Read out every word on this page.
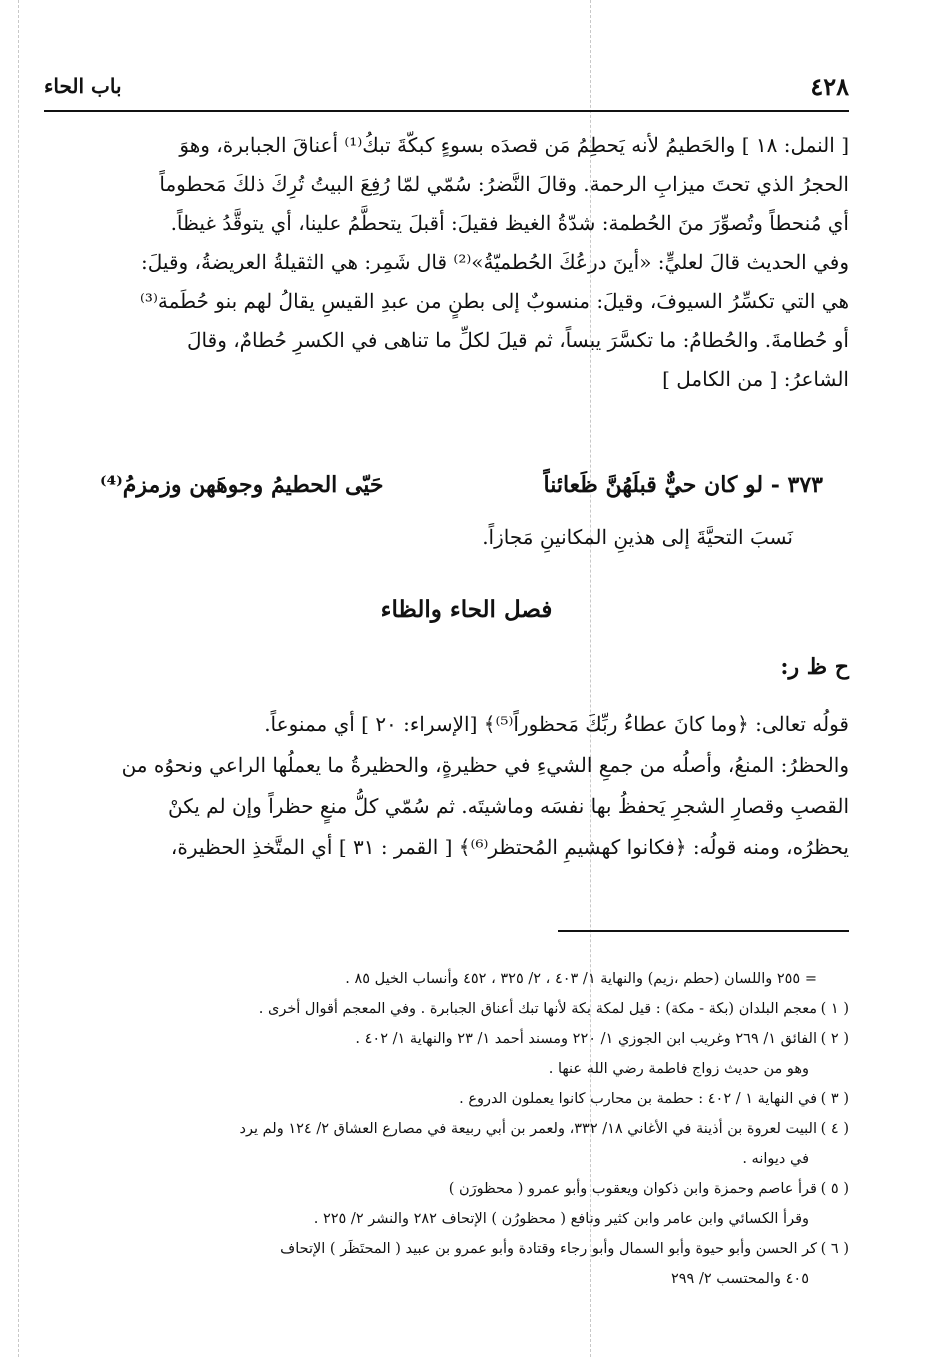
٤٢٨
باب الحاء

[ النمل: ١٨ ] والحَطيمُ لأنه يَحطِمُ مَن قصدَه بسوءٍ كبكّةَ تبكُ⁽¹⁾ أعناقَ الجبابرة، وهوَ

الحجرُ الذي تحتَ ميزابِ الرحمة. وقالَ النَّضرُ: سُمّي لمّا رُفِعَ البيتُ تُرِكَ ذلكَ مَحطوماً

أي مُنحطاً وتُصوِّرَ منَ الحُطمة: شدّةُ الغيظ فقيلَ: أقبلَ يتحطَّمُ علينا، أي يتوقَّدُ غيظاً.

وفي الحديث قالَ لعليٍّ: «أينَ درعُكَ الحُطميّةُ»⁽²⁾ قال شَمِر: هي الثقيلةُ العريضةُ، وقيلَ:

هي التي تكسِّرُ السيوفَ، وقيلَ: منسوبٌ إلى بطنٍ من عبدِ القيسِ يقالُ لهم بنو حُطَمة⁽³⁾

أو حُطامةَ. والحُطامُ: ما تكسَّرَ يبساً، ثم قيلَ لكلِّ ما تناهى في الكسرِ حُطامٌ، وقالَ

الشاعرُ: [ من الكامل ]

٣٧٣ - لو كان حيٌّ قبلَهُنَّ ظَعائناً
حَيّى الحطيمُ وجوهَهن وزمزمُ⁽⁴⁾
نَسبَ التحيَّةَ إلى هذينِ المكانينِ مَجازاً.
فصل الحاء والظاء
ح ظ ر:

قولُه تعالى: ﴿وما كانَ عطاءُ ربِّكَ مَحظوراً⁽⁵⁾﴾ [الإسراء: ٢٠ ] أي ممنوعاً.

والحظرُ: المنعُ، وأصلُه من جمعِ الشيءِ في حظيرةٍ، والحظيرةُ ما يعملُها الراعي ونحوُه من

القصبِ وقصارِ الشجرِ يَحفظُ بها نفسَه وماشيتَه. ثم سُمّي كلُّ منعٍ حظراً وإن لم يكنْ

يحظرُه، ومنه قولُه: ﴿فكانوا كهشيمِ المُحتظر⁽⁶⁾﴾ [ القمر : ٣١ ] أي المتَّخذِ الحظيرة،

= ٢٥٥ واللسان (حطم ،زيم) والنهاية ١/ ٤٠٣ ، ٢/ ٣٢٥ ، ٤٥٢ وأنساب الخيل ٨٥ .
( ١ )
معجم البلدان (بكة - مكة) : قيل لمكة بكة لأنها تبك أعناق الجبابرة . وفي المعجم أقوال أخرى .
( ٢ )
الفائق ١/ ٢٦٩ وغريب ابن الجوزي ١/ ٢٢٠ ومسند أحمد ١/ ٢٣ والنهاية ١/ ٤٠٢ .
وهو من حديث زواج فاطمة رضي الله عنها .
( ٣ )
في النهاية ١ / ٤٠٢ : حطمة بن محارب كانوا يعملون الدروع .
( ٤ )
البيت لعروة بن أذينة في الأغاني ١٨/ ٣٣٢، ولعمر بن أبي ربيعة في مصارع العشاق ٢/ ١٢٤ ولم يرد
في ديوانه .
( ٥ )
قرأ عاصم وحمزة وابن ذكوان ويعقوب وأبو عمرو ( محظورَن )
وقرأ الكسائي وابن عامر وابن كثير ونافع ( محظورُن ) الإتحاف ٢٨٢ والنشر ٢/ ٢٢٥ .
( ٦ )
كر الحسن وأبو حيوة وأبو السمال وأبو رجاء وقتادة وأبو عمرو بن عبيد ( المحتَظَر ) الإتحاف
٤٠٥ والمحتسب ٢/ ٢٩٩
